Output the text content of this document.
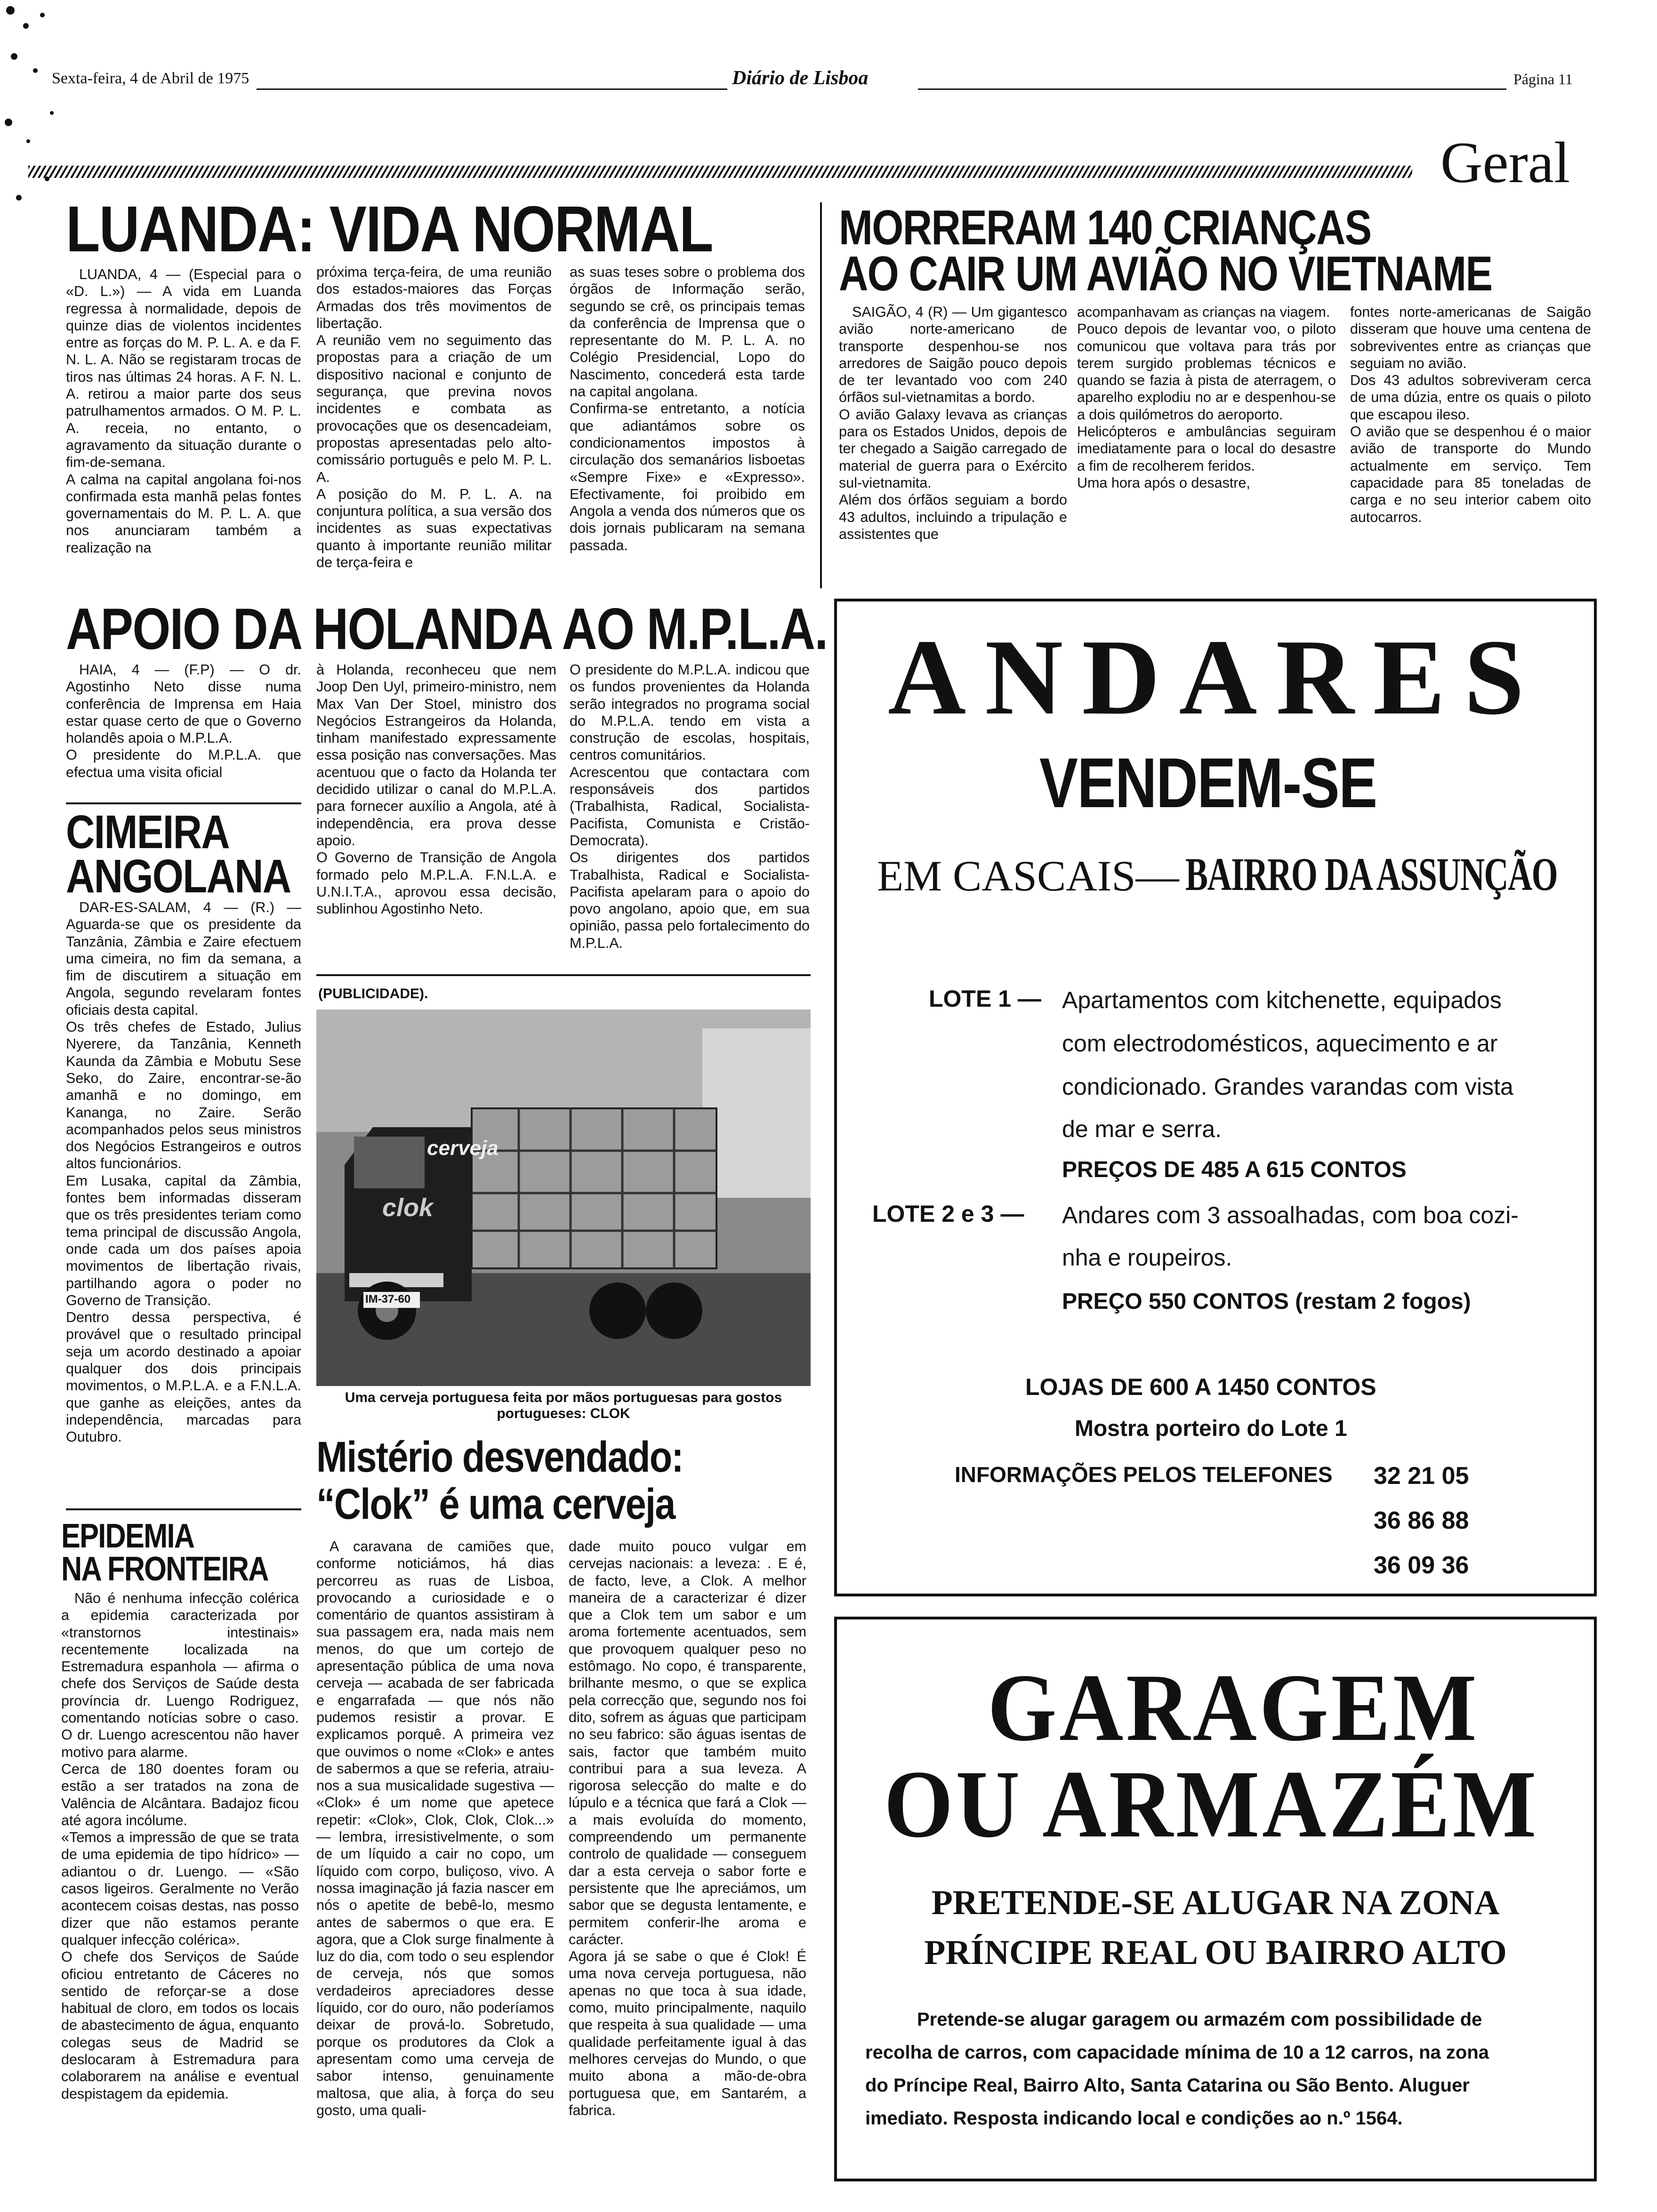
Sexta-feira, 4 de Abril de 1975	Diário de Lisboa	Página 11
Geral
LUANDA: VIDA NORMAL

LUANDA, 4 — (Especial para o «D. L.») — A vida em Luanda regressa à normalidade, depois de quinze dias de violentos incidentes entre as forças do M. P. L. A. e da F. N. L. A. Não se registaram trocas de tiros nas últimas 24 horas. A F. N. L. A. retirou a maior parte dos seus patrulhamentos armados. O M. P. L. A. receia, no entanto, o agravamento da situação durante o fim-de-semana.
A calma na capital angolana foi-nos confirmada esta manhã pelas fontes governamentais do M. P. L. A. que nos anunciaram também a realização na

próxima terça-feira, de uma reunião dos estados-maiores das Forças Armadas dos três movimentos de libertação.
A reunião vem no seguimento das propostas para a criação de um dispositivo nacional e conjunto de segurança, que previna novos incidentes e combata as provocações que os desencadeiam, propostas apresentadas pelo alto-comissário português e pelo M. P. L. A.
A posição do M. P. L. A. na conjuntura política, a sua versão dos incidentes as suas expectativas quanto à importante reunião militar de terça-feira e

as suas teses sobre o problema dos órgãos de Informação serão, segundo se crê, os principais temas da conferência de Imprensa que o representante do M. P. L. A. no Colégio Presidencial, Lopo do Nascimento, concederá esta tarde na capital angolana.
Confirma-se entretanto, a notícia que adiantámos sobre os condicionamentos impostos à circulação dos semanários lisboetas «Sempre Fixe» e «Expresso». Efectivamente, foi proibido em Angola a venda dos números que os dois jornais publicaram na semana passada.

MORRERAM 140 CRIANÇAS
AO CAIR UM AVIÃO NO VIETNAME

SAIGÃO, 4 (R) — Um gigantesco avião norte-americano de transporte despenhou-se nos arredores de Saigão pouco depois de ter levantado voo com 240 órfãos sul-vietnamitas a bordo.
O avião Galaxy levava as crianças para os Estados Unidos, depois de ter chegado a Saigão carregado de material de guerra para o Exército sul-vietnamita.
Além dos órfãos seguiam a bordo 43 adultos, incluindo a tripulação e assistentes que

acompanhavam as crianças na viagem.
Pouco depois de levantar voo, o piloto comunicou que voltava para trás por terem surgido problemas técnicos e quando se fazia à pista de aterragem, o aparelho explodiu no ar e despenhou-se a dois quilómetros do aeroporto.
Helicópteros e ambulâncias seguiram imediatamente para o local do desastre a fim de recolherem feridos.
Uma hora após o desastre,

fontes norte-americanas de Saigão disseram que houve uma centena de sobreviventes entre as crianças que seguiam no avião.
Dos 43 adultos sobreviveram cerca de uma dúzia, entre os quais o piloto que escapou ileso.
O avião que se despenhou é o maior avião de transporte do Mundo actualmente em serviço. Tem capacidade para 85 toneladas de carga e no seu interior cabem oito autocarros.

APOIO DA HOLANDA AO M.P.L.A.

HAIA, 4 — (F.P) — O dr. Agostinho Neto disse numa conferência de Imprensa em Haia estar quase certo de que o Governo holandês apoia o M.P.L.A.
O presidente do M.P.L.A. que efectua uma visita oficial

à Holanda, reconheceu que nem Joop Den Uyl, primeiro-ministro, nem Max Van Der Stoel, ministro dos Negócios Estrangeiros da Holanda, tinham manifestado expressamente essa posição nas conversações. Mas acentuou que o facto da Holanda ter decidido utilizar o canal do M.P.L.A. para fornecer auxílio a Angola, até à independência, era prova desse apoio.
O Governo de Transição de Angola formado pelo M.P.L.A. F.N.L.A. e U.N.I.T.A., aprovou essa decisão, sublinhou Agostinho Neto.

O presidente do M.P.L.A. indicou que os fundos provenientes da Holanda serão integrados no programa social do M.P.L.A. tendo em vista a construção de escolas, hospitais, centros comunitários.
Acrescentou que contactara com responsáveis dos partidos (Trabalhista, Radical, Socialista-Pacifista, Comunista e Cristão-Democrata).
Os dirigentes dos partidos Trabalhista, Radical e Socialista-Pacifista apelaram para o apoio do povo angolano, apoio que, em sua opinião, passa pelo fortalecimento do M.P.L.A.

CIMEIRA
ANGOLANA

DAR-ES-SALAM, 4 — (R.) — Aguarda-se que os presidente da Tanzânia, Zâmbia e Zaire efectuem uma cimeira, no fim da semana, a fim de discutirem a situação em Angola, segundo revelaram fontes oficiais desta capital.
Os três chefes de Estado, Julius Nyerere, da Tanzânia, Kenneth Kaunda da Zâmbia e Mobutu Sese Seko, do Zaire, encontrar-se-ão amanhã e no domingo, em Kananga, no Zaire. Serão acompanhados pelos seus ministros dos Negócios Estrangeiros e outros altos funcionários.
Em Lusaka, capital da Zâmbia, fontes bem informadas disseram que os três presidentes teriam como tema principal de discussão Angola, onde cada um dos países apoia movimentos de libertação rivais, partilhando agora o poder no Governo de Transição.
Dentro dessa perspectiva, é provável que o resultado principal seja um acordo destinado a apoiar qualquer dos dois principais movimentos, o M.P.L.A. e a F.N.L.A. que ganhe as eleições, antes da independência, marcadas para Outubro.

EPIDEMIA
NA FRONTEIRA

Não é nenhuma infecção colérica a epidemia caracterizada por «transtornos intestinais» recentemente localizada na Estremadura espanhola — afirma o chefe dos Serviços de Saúde desta província dr. Luengo Rodriguez, comentando notícias sobre o caso. O dr. Luengo acrescentou não haver motivo para alarme.
Cerca de 180 doentes foram ou estão a ser tratados na zona de Valência de Alcântara. Badajoz ficou até agora incólume.
«Temos a impressão de que se trata de uma epidemia de tipo hídrico» — adiantou o dr. Luengo. — «São casos ligeiros. Geralmente no Verão acontecem coisas destas, nas posso dizer que não estamos perante qualquer infecção colérica».
O chefe dos Serviços de Saúde oficiou entretanto de Cáceres no sentido de reforçar-se a dose habitual de cloro, em todos os locais de abastecimento de água, enquanto colegas seus de Madrid se deslocaram à Estremadura para colaborarem na análise e eventual despistagem da epidemia.

(PUBLICIDADE).
cerveja
clok
IM-37-60
Uma cerveja portuguesa feita por mãos portuguesas para gostos portugueses: CLOK
Mistério desvendado:
“Clok” é uma cerveja

A caravana de camiões que, conforme noticiámos, há dias percorreu as ruas de Lisboa, provocando a curiosidade e o comentário de quantos assistiram à sua passagem era, nada mais nem menos, do que um cortejo de apresentação pública de uma nova cerveja — acabada de ser fabricada e engarrafada — que nós não pudemos resistir a provar. E explicamos porquê. A primeira vez que ouvimos o nome «Clok» e antes de sabermos a que se referia, atraiu-nos a sua musicalidade sugestiva — «Clok» é um nome que apetece repetir: «Clok», Clok, Clok, Clok...» — lembra, irresistivelmente, o som de um líquido a cair no copo, um líquido com corpo, buliçoso, vivo. A nossa imaginação já fazia nascer em nós o apetite de bebê-lo, mesmo antes de sabermos o que era. E agora, que a Clok surge finalmente à luz do dia, com todo o seu esplendor de cerveja, nós que somos verdadeiros apreciadores desse líquido, cor do ouro, não poderíamos deixar de prová-lo. Sobretudo, porque os produtores da Clok a apresentam como uma cerveja de sabor intenso, genuinamente maltosa, que alia, à força do seu gosto, uma quali-

dade muito pouco vulgar em cervejas nacionais: a leveza: . E é, de facto, leve, a Clok. A melhor maneira de a caracterizar é dizer que a Clok tem um sabor e um aroma fortemente acentuados, sem que provoquem qualquer peso no estômago. No copo, é transparente, brilhante mesmo, o que se explica pela correcção que, segundo nos foi dito, sofrem as águas que participam no seu fabrico: são águas isentas de sais, factor que também muito contribui para a sua leveza. A rigorosa selecção do malte e do lúpulo e a técnica que fará a Clok — a mais evoluída do momento, compreendendo um permanente controlo de qualidade — conseguem dar a esta cerveja o sabor forte e persistente que lhe apreciámos, um sabor que se degusta lentamente, e permitem conferir-lhe aroma e carácter.
Agora já se sabe o que é Clok! É uma nova cerveja portuguesa, não apenas no que toca à sua idade, como, muito principalmente, naquilo que respeita à sua qualidade — uma qualidade perfeitamente igual à das melhores cervejas do Mundo, o que muito abona a mão-de-obra portuguesa que, em Santarém, a fabrica.

ANDARES
VENDEM-SE
EM CASCAIS— BAIRRO DA ASSUNÇÃO
LOTE 1 — Apartamentos com kitchenette, equipados
com electrodomésticos, aquecimento e ar
condicionado. Grandes varandas com vista
de mar e serra.
PREÇOS DE 485 A 615 CONTOS
LOTE 2 e 3 — Andares com 3 assoalhadas, com boa cozi-
nha e roupeiros.
PREÇO 550 CONTOS (restam 2 fogos)
LOJAS DE 600 A 1450 CONTOS
Mostra porteiro do Lote 1
INFORMAÇÕES PELOS TELEFONES 32 21 05
36 86 88
36 09 36
GARAGEM
OU ARMAZÉM
PRETENDE-SE ALUGAR NA ZONA
PRÍNCIPE REAL OU BAIRRO ALTO
Pretende-se alugar garagem ou armazém com possibilidade de
recolha de carros, com capacidade mínima de 10 a 12 carros, na zona
do Príncipe Real, Bairro Alto, Santa Catarina ou São Bento. Aluguer
imediato. Resposta indicando local e condições ao n.º 1564.
